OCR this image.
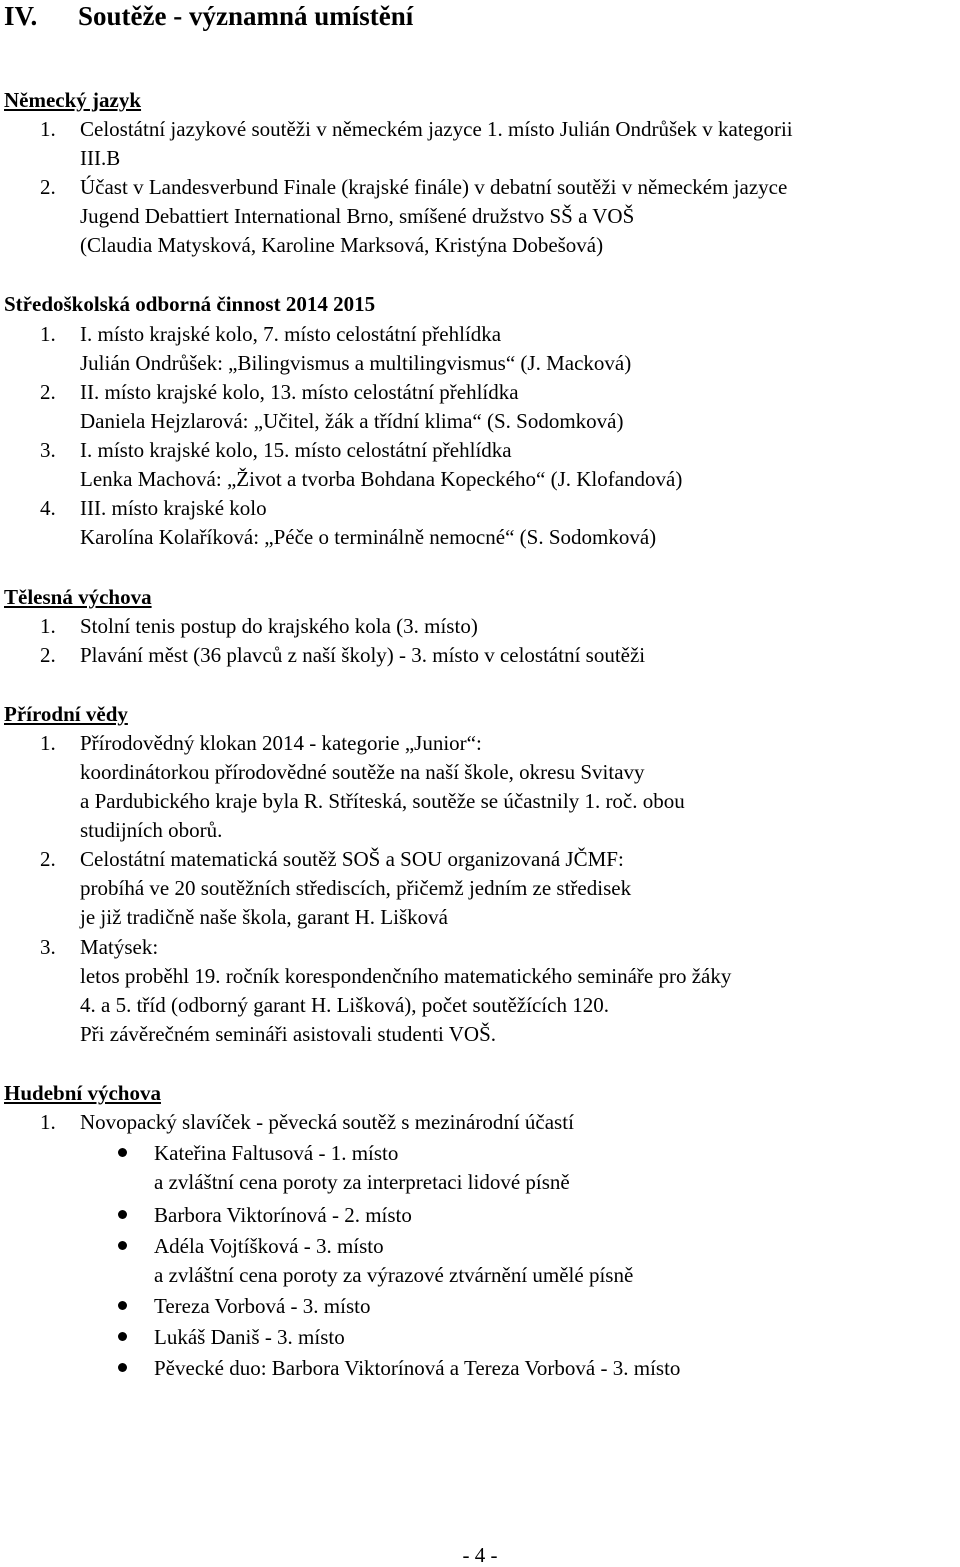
IV. Soutěže - významná umístění
Německý jazyk
1.	Celostátní jazykové soutěži v německém jazyce 1. místo Julián Ondrůšek v kategorii
III.B
2.	Účast v Landesverbund Finale (krajské finále) v debatní soutěži v německém jazyce
Jugend Debattiert International Brno, smíšené družstvo SŠ a VOŠ
(Claudia Matysková, Karoline Marksová, Kristýna Dobešová)
Středoškolská odborná činnost 2014 2015
1.	I. místo krajské kolo, 7. místo celostátní přehlídka
Julián Ondrůšek: „Bilingvismus a multilingvismus“ (J. Macková)
2.	II. místo krajské kolo, 13. místo celostátní přehlídka
Daniela Hejzlarová: „Učitel, žák a třídní klima“ (S. Sodomková)
3.	I. místo krajské kolo, 15. místo celostátní přehlídka
Lenka Machová: „Život a tvorba Bohdana Kopeckého“ (J. Klofandová)
4.	III. místo krajské kolo
Karolína Kolaříková: „Péče o terminálně nemocné“ (S. Sodomková)
Tělesná výchova
1.	Stolní tenis postup do krajského kola (3. místo)
2.	Plavání měst (36 plavců z naší školy) - 3. místo v celostátní soutěži
Přírodní vědy
1.	Přírodovědný klokan 2014 - kategorie „Junior“:
koordinátorkou přírodovědné soutěže na naší škole, okresu Svitavy
a Pardubického kraje byla R. Stříteská, soutěže se účastnily 1. roč. obou
studijních oborů.
2.	Celostátní matematická soutěž SOŠ a SOU organizovaná JČMF:
probíhá ve 20 soutěžních střediscích, přičemž jedním ze středisek
je již tradičně naše škola, garant H. Lišková
3.	Matýsek:
letos proběhl 19. ročník korespondenčního matematického semináře pro žáky
4. a 5. tříd (odborný garant H. Lišková), počet soutěžících 120.
Při závěrečném semináři asistovali studenti VOŠ.
Hudební výchova
1.	Novopacký slavíček - pěvecká soutěž s mezinárodní účastí
Kateřina Faltusová - 1. místo
a zvláštní cena poroty za interpretaci lidové písně
Barbora Viktorínová - 2. místo
Adéla Vojtíšková - 3. místo
a zvláštní cena poroty za výrazové ztvárnění umělé písně
Tereza Vorbová - 3. místo
Lukáš Daniš - 3. místo
Pěvecké duo: Barbora Viktorínová a Tereza Vorbová - 3. místo
- 4 -
